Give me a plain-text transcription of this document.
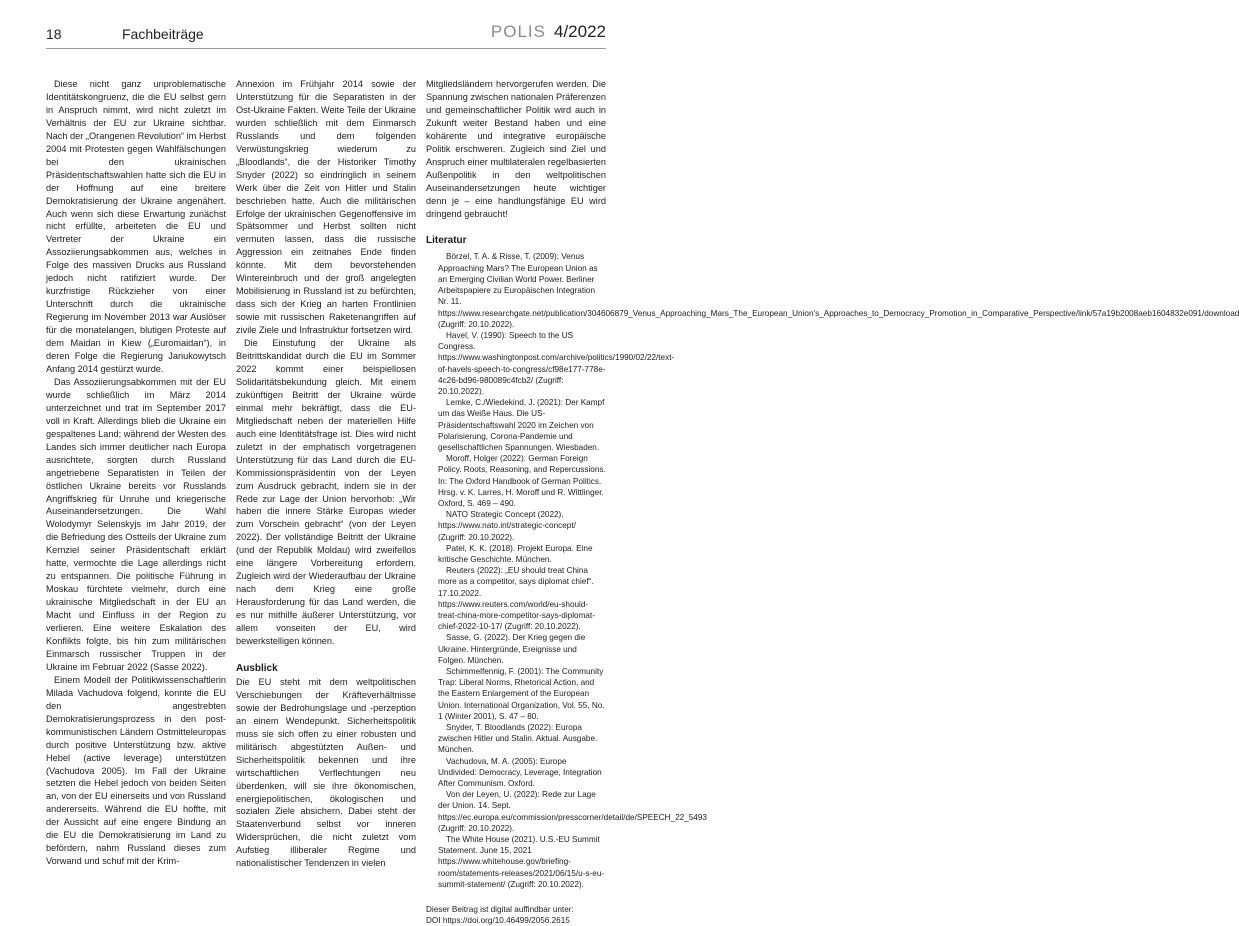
18	Fachbeiträge	POLIS 4/2022

Diese nicht ganz unproblematische Identitätskongruenz, die die EU selbst gern in Anspruch nimmt, wird nicht zuletzt im Verhältnis der EU zur Ukraine sichtbar. Nach der „Orangenen Revolution“ im Herbst 2004 mit Protesten gegen Wahlfälschungen bei den ukrainischen Präsidentschaftswahlen hatte sich die EU in der Hoffnung auf eine breitere Demokratisierung der Ukraine angenähert. Auch wenn sich diese Erwartung zunächst nicht erfüllte, arbeiteten die EU und Vertreter der Ukraine ein Assoziierungsabkommen aus, welches in Folge des massiven Drucks aus Russland jedoch nicht ratifiziert wurde. Der kurzfristige Rückzieher von einer Unterschrift durch die ukrainische Regierung im November 2013 war Auslöser für die monatelangen, blutigen Proteste auf dem Maidan in Kiew („Euromaidan“), in deren Folge die Regierung Janukowytsch Anfang 2014 gestürzt wurde.

Das Assoziierungsabkommen mit der EU wurde schließlich im März 2014 unterzeichnet und trat im September 2017 voll in Kraft. Allerdings blieb die Ukraine ein gespaltenes Land; während der Westen des Landes sich immer deutlicher nach Europa ausrichtete, sorgten durch Russland angetriebene Separatisten in Teilen der östlichen Ukraine bereits vor Russlands Angriffskrieg für Unruhe und kriegerische Auseinandersetzungen. Die Wahl Wolodymyr Selenskyjs im Jahr 2019, der die Befriedung des Ostteils der Ukraine zum Kernziel seiner Präsidentschaft erklärt hatte, vermochte die Lage allerdings nicht zu entspannen. Die politische Führung in Moskau fürchtete vielmehr, durch eine ukrainische Mitgliedschaft in der EU an Macht und Einfluss in der Region zu verlieren. Eine weitere Eskalation des Konflikts folgte, bis hin zum militärischen Einmarsch russischer Truppen in der Ukraine im Februar 2022 (Sasse 2022).

Einem Modell der Politikwissenschaftlerin Milada Vachudova folgend, konnte die EU den angestrebten Demokratisierungsprozess in den post-kommunistischen Ländern Ostmitteleuropas durch positive Unterstützung bzw. aktive Hebel (active leverage) unterstützen (Vachudova 2005). Im Fall der Ukraine setzten die Hebel jedoch von beiden Seiten an, von der EU einerseits und von Russland andererseits. Während die EU hoffte, mit der Aussicht auf eine engere Bindung an die EU die Demokratisierung im Land zu befördern, nahm Russland dieses zum Vorwand und schuf mit der Krim-

Annexion im Frühjahr 2014 sowie der Unterstützung für die Separatisten in der Ost-Ukraine Fakten. Weite Teile der Ukraine wurden schließlich mit dem Einmarsch Russlands und dem folgenden Verwüstungskrieg wiederum zu „Bloodlands“, die der Historiker Timothy Snyder (2022) so eindringlich in seinem Werk über die Zeit von Hitler und Stalin beschrieben hatte. Auch die militärischen Erfolge der ukrainischen Gegenoffensive im Spätsommer und Herbst sollten nicht vermuten lassen, dass die russische Aggression ein zeitnahes Ende finden könnte. Mit dem bevorstehenden Wintereinbruch und der groß angelegten Mobilisierung in Russland ist zu befürchten, dass sich der Krieg an harten Frontlinien sowie mit russischen Raketenangriffen auf zivile Ziele und Infrastruktur fortsetzen wird.

Die Einstufung der Ukraine als Beitrittskandidat durch die EU im Sommer 2022 kommt einer beispiellosen Solidaritätsbekundung gleich. Mit einem zukünftigen Beitritt der Ukraine würde einmal mehr bekräftigt, dass die EU-Mitgliedschaft neben der materiellen Hilfe auch eine Identitätsfrage ist. Dies wird nicht zuletzt in der emphatisch vorgetragenen Unterstützung für das Land durch die EU-Kommissionspräsidentin von der Leyen zum Ausdruck gebracht, indem sie in der Rede zur Lage der Union hervorhob: „Wir haben die innere Stärke Europas wieder zum Vorschein gebracht“ (von der Leyen 2022). Der vollständige Beitritt der Ukraine (und der Republik Moldau) wird zweifellos eine längere Vorbereitung erfordern. Zugleich wird der Wiederaufbau der Ukraine nach dem Krieg eine große Herausforderung für das Land werden, die es nur mithilfe äußerer Unterstützung, vor allem vonseiten der EU, wird bewerkstelligen können.

Ausblick

Die EU steht mit dem weltpolitischen Verschiebungen der Kräfteverhältnisse sowie der Bedrohungslage und -perzeption an einem Wendepunkt. Sicherheitspolitik muss sie sich offen zu einer robusten und militärisch abgestützten Außen- und Sicherheitspolitik bekennen und ihre wirtschaftlichen Verflechtungen neu überdenken, will sie ihre ökonomischen, energiepolitischen, ökologischen und sozialen Ziele absichern. Dabei steht der Staatenverbund selbst vor inneren Widersprüchen, die nicht zuletzt vom Aufstieg illiberaler Regime und nationalistischer Tendenzen in vielen

Mitgliedsländern hervorgerufen werden. Die Spannung zwischen nationalen Präferenzen und gemeinschaftlicher Politik wird auch in Zukunft weiter Bestand haben und eine kohärente und integrative europäische Politik erschweren. Zugleich sind Ziel und Anspruch einer multilateralen regelbasierten Außenpolitik in den weltpolitischen Auseinandersetzungen heute wichtiger denn je – eine handlungsfähige EU wird dringend gebraucht!

Literatur

Börzel, T. A. & Risse, T. (2009): Venus Approaching Mars? The European Union as an Emerging Civilian World Power. Berliner Arbeitspapiere zu Europäischen Integration Nr. 11. https://www.researchgate.net/publication/304606879_Venus_Approaching_Mars_The_European_Union's_Approaches_to_Democracy_Promotion_in_Comparative_Perspective/link/57a19b2008aeb1604832e091/download (Zugriff: 20.10.2022).

Havel, V. (1990): Speech to the US Congress. https://www.washingtonpost.com/archive/politics/1990/02/22/text-of-havels-speech-to-congress/cf98e177-778e-4c26-bd96-980089c4fcb2/ (Zugriff: 20.10.2022).

Lemke, C./Wiedekind, J. (2021): Der Kampf um das Weiße Haus. Die US-Präsidentschaftswahl 2020 im Zeichen von Polarisierung, Corona-Pandemie und gesellschaftlichen Spannungen. Wiesbaden.

Moroff, Holger (2022): German Foreign Policy. Roots, Reasoning, and Repercussions. In: The Oxford Handbook of German Politics. Hrsg. v. K. Larres, H. Moroff und R. Wittlinger. Oxford, S. 469 – 490.

NATO Strategic Concept (2022). https://www.nato.int/strategic-concept/ (Zugriff: 20.10.2022).

Patel, K. K. (2018). Projekt Europa. Eine kritische Geschichte. München.

Reuters (2022): „EU should treat China more as a competitor, says diplomat chief“. 17.10.2022. https://www.reuters.com/world/eu-should-treat-china-more-competitor-says-diplomat-chief-2022-10-17/ (Zugriff: 20.10.2022).

Sasse, G. (2022). Der Krieg gegen die Ukraine. Hintergründe, Ereignisse und Folgen. München.

Schimmelfennig, F. (2001): The Community Trap: Liberal Norms, Rhetorical Action, and the Eastern Enlargement of the European Union. International Organization, Vol. 55, No. 1 (Winter 2001), S. 47 – 80.

Snyder, T. Bloodlands (2022): Europa zwischen Hitler und Stalin. Aktual. Ausgabe. München.

Vachudova, M. A. (2005): Europe Undivided: Democracy, Leverage, Integration After Communism. Oxford.

Von der Leyen, U. (2022): Rede zur Lage der Union. 14. Sept. https://ec.europa.eu/commission/presscorner/detail/de/SPEECH_22_5493 (Zugriff: 20.10.2022).

The White House (2021). U.S.-EU Summit Statement. June 15, 2021 https://www.whitehouse.gov/briefing-room/statements-releases/2021/06/15/u-s-eu-summit-statement/ (Zugriff: 20.10.2022).

Dieser Beitrag ist digital auffindbar unter:
DOI https://doi.org/10.46499/2056.2615
